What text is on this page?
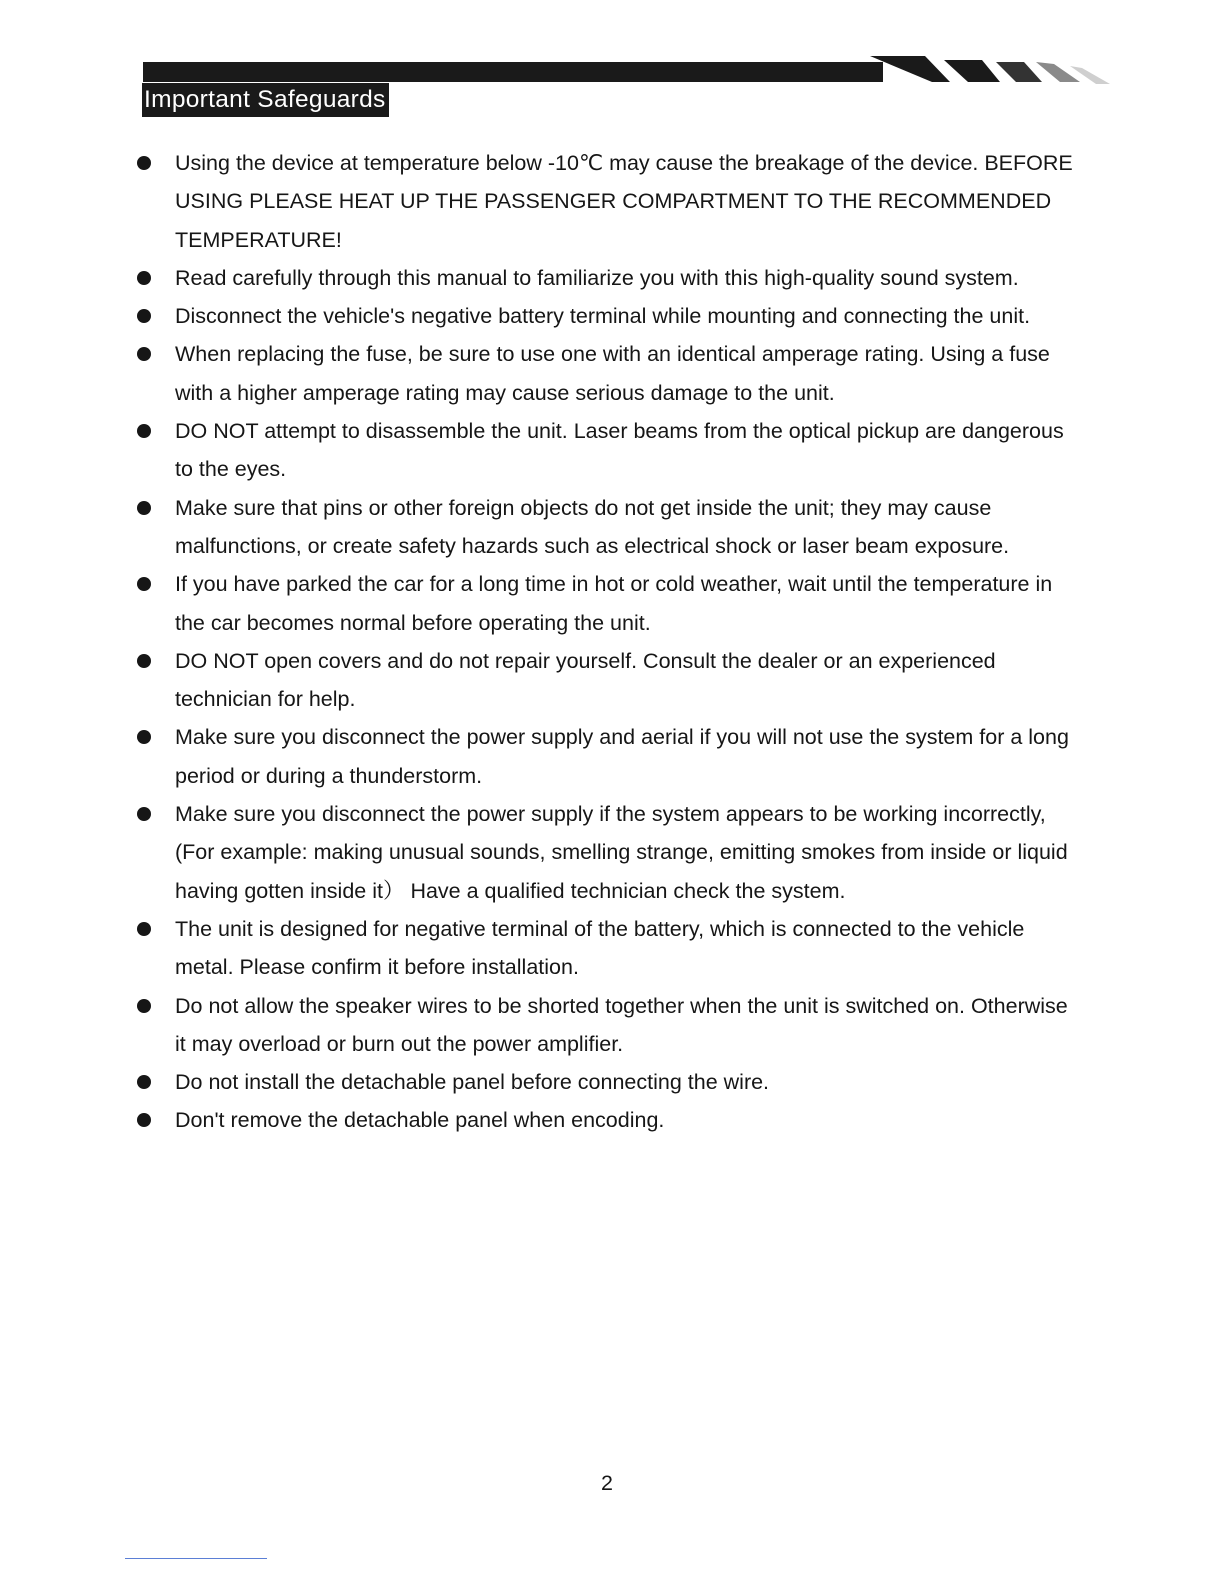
Important Safeguards
Using the device at temperature below -10℃ may cause the breakage of the device. BEFORE USING PLEASE HEAT UP THE PASSENGER COMPARTMENT TO THE RECOMMENDED TEMPERATURE!
Read carefully through this manual to familiarize you with this high-quality sound system.
Disconnect the vehicle's negative battery terminal while mounting and connecting the unit.
When replacing the fuse, be sure to use one with an identical amperage rating. Using a fuse with a higher amperage rating may cause serious damage to the unit.
DO NOT attempt to disassemble the unit. Laser beams from the optical pickup are dangerous to the eyes.
Make sure that pins or other foreign objects do not get inside the unit; they may cause malfunctions, or create safety hazards such as electrical shock or laser beam exposure.
If you have parked the car for a long time in hot or cold weather, wait until the temperature in the car becomes normal before operating the unit.
DO NOT open covers and do not repair yourself. Consult the dealer or an experienced technician for help.
Make sure you disconnect the power supply and aerial if you will not use the system for a long period or during a thunderstorm.
Make sure you disconnect the power supply if the system appears to be working incorrectly, (For example: making unusual sounds, smelling strange, emitting smokes from inside or liquid having gotten inside it） Have a qualified technician check the system.
The unit is designed for negative terminal of the battery, which is connected to the vehicle metal. Please confirm it before installation.
Do not allow the speaker wires to be shorted together when the unit is switched on. Otherwise it may overload or burn out the power amplifier.
Do not install the detachable panel before connecting the wire.
Don't remove the detachable panel when encoding.
2
